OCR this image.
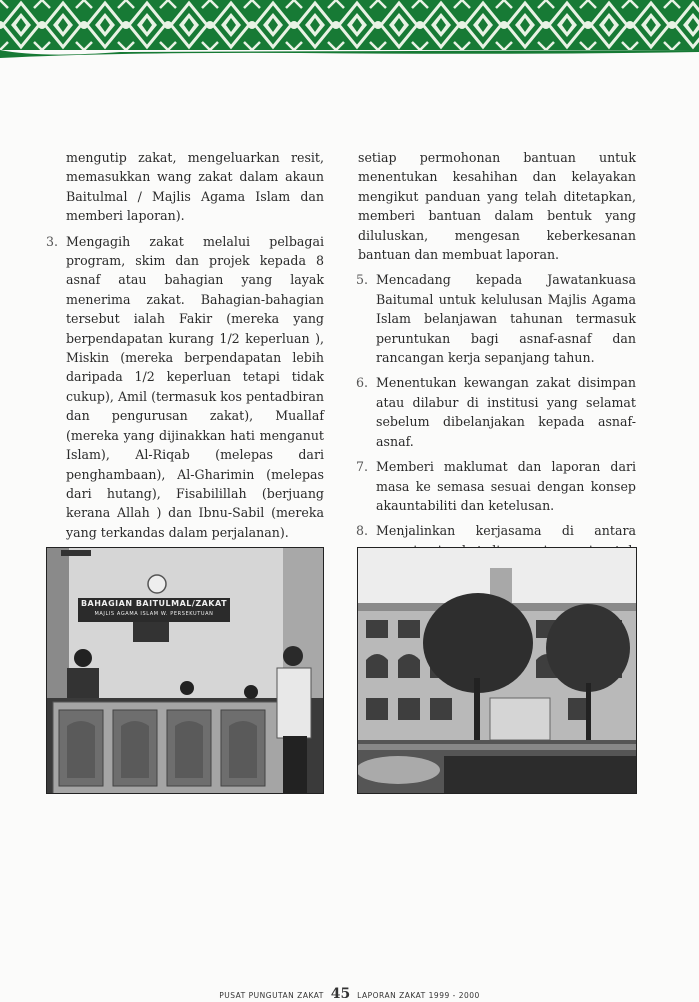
mengutip zakat, mengeluarkan resit, memasukkan wang zakat dalam akaun Baitulmal / Majlis Agama Islam dan memberi laporan).

3. Mengagih zakat melalui pelbagai program, skim dan projek kepada 8 asnaf atau bahagian yang layak menerima zakat. Bahagian-bahagian tersebut ialah Fakir (mereka yang berpendapatan kurang 1/2 keperluan ), Miskin (mereka berpendapatan lebih daripada 1/2 keperluan tetapi tidak cukup), Amil (termasuk kos pentadbiran dan pengurusan zakat), Muallaf (mereka yang dijinakkan hati menganut Islam), Al-Riqab (melepas dari penghambaan), Al-Gharimin (melepas dari hutang), Fisabilillah (berjuang kerana Allah ) dan Ibnu-Sabil (mereka yang terkandas dalam perjalanan).

setiap permohonan bantuan untuk menentukan kesahihan dan kelayakan mengikut panduan yang telah ditetapkan, memberi bantuan dalam bentuk yang diluluskan, mengesan keberkesanan bantuan dan membuat laporan.

5. Mencadang kepada Jawatankuasa Baitumal untuk kelulusan Majlis Agama Islam belanjawan tahunan termasuk peruntukan bagi asnaf-asnaf dan rancangan kerja sepanjang tahun.
6. Menentukan kewangan zakat disimpan atau dilabur di institusi yang selamat sebelum dibelanjakan kepada asnaf-asnaf.
7. Memberi maklumat dan laporan dari masa ke semasa sesuai dengan konsep akauntabiliti dan ketelusan.
8. Menjalinkan kerjasama di antara
BAHAGIAN BAITULMAL/ZAKAT
MAJLIS AGAMA ISLAM W. PERSEKUTUAN
PUSAT PUNGUTAN ZAKAT 45 LAPORAN ZAKAT 1999 - 2000
